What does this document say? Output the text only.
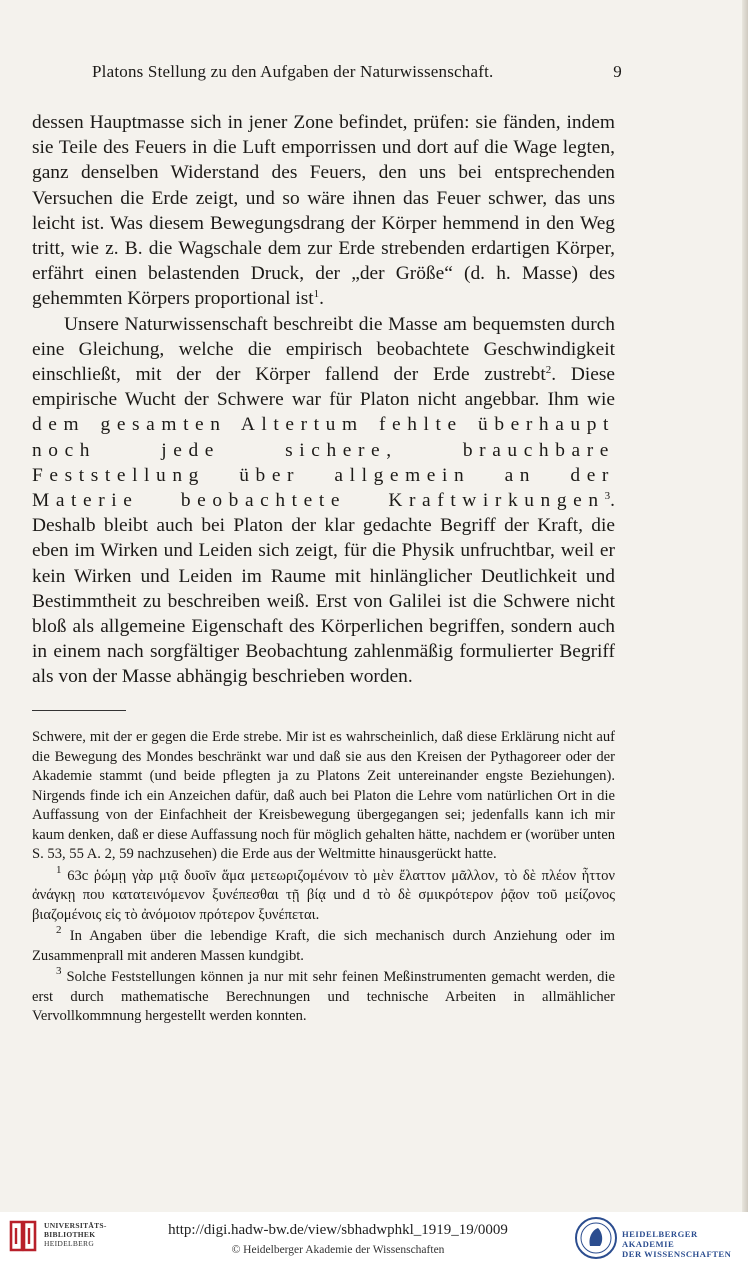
Platons Stellung zu den Aufgaben der Naturwissenschaft.	9

dessen Hauptmasse sich in jener Zone befindet, prüfen: sie fänden, indem sie Teile des Feuers in die Luft emporrissen und dort auf die Wage legten, ganz denselben Widerstand des Feuers, den uns bei entsprechenden Versuchen die Erde zeigt, und so wäre ihnen das Feuer schwer, das uns leicht ist. Was diesem Bewegungsdrang der Körper hemmend in den Weg tritt, wie z. B. die Wagschale dem zur Erde strebenden erdartigen Körper, erfährt einen belastenden Druck, der „der Größe“ (d. h. Masse) des gehemmten Körpers proportional ist$^1$.

Unsere Naturwissenschaft beschreibt die Masse am bequemsten durch eine Gleichung, welche die empirisch beobachtete Geschwindigkeit einschließt, mit der der Körper fallend der Erde zustrebt$^2$. Diese empirische Wucht der Schwere war für Platon nicht angebbar. Ihm wie dem gesamten Altertum fehlte überhaupt noch jede sichere, brauchbare Feststellung über allgemein an der Materie beobachtete Kraftwirkungen$^3$. Deshalb bleibt auch bei Platon der klar gedachte Begriff der Kraft, die eben im Wirken und Leiden sich zeigt, für die Physik unfruchtbar, weil er kein Wirken und Leiden im Raume mit hinlänglicher Deutlichkeit und Bestimmtheit zu beschreiben weiß. Erst von Galilei ist die Schwere nicht bloß als allgemeine Eigenschaft des Körperlichen begriffen, sondern auch in einem nach sorgfältiger Beobachtung zahlenmäßig formulierter Begriff als von der Masse abhängig beschrieben worden.

Schwere, mit der er gegen die Erde strebe. Mir ist es wahrscheinlich, daß diese Erklärung nicht auf die Bewegung des Mondes beschränkt war und daß sie aus den Kreisen der Pythagoreer oder der Akademie stammt (und beide pflegten ja zu Platons Zeit untereinander engste Beziehungen). Nirgends finde ich ein Anzeichen dafür, daß auch bei Platon die Lehre vom natürlichen Ort in die Auffassung von der Einfachheit der Kreisbewegung übergegangen sei; jedenfalls kann ich mir kaum denken, daß er diese Auffassung noch für möglich gehalten hätte, nachdem er (worüber unten S. 53, 55 A. 2, 59 nachzusehen) die Erde aus der Weltmitte hinausgerückt hatte.

$^1$ 63c ῥώμῃ γὰρ μιᾷ δυοῖν ἅμα μετεωριζομένοιν τὸ μὲν ἔλαττον μᾶλλον, τὸ δὲ πλέον ἧττον ἀνάγκῃ που κατατεινόμενον ξυνέπεσθαι τῇ βίᾳ und d τὸ δὲ σμικρότερον ῥᾷον τοῦ μείζονος βιαζομένοις εἰς τὸ ἀνόμοιον πρότερον ξυνέπεται.

$^2$ In Angaben über die lebendige Kraft, die sich mechanisch durch Anziehung oder im Zusammenprall mit anderen Massen kundgibt.

$^3$ Solche Feststellungen können ja nur mit sehr feinen Meßinstrumenten gemacht werden, die erst durch mathematische Berechnungen und technische Arbeiten in allmählicher Vervollkommnung hergestellt werden konnten.

UNIVERSITÄTS-
BIBLIOTHEK
HEIDELBERG
http://digi.hadw-bw.de/view/sbhadwphkl_1919_19/0009
© Heidelberger Akademie der Wissenschaften
HEIDELBERGER AKADEMIE
DER WISSENSCHAFTEN
